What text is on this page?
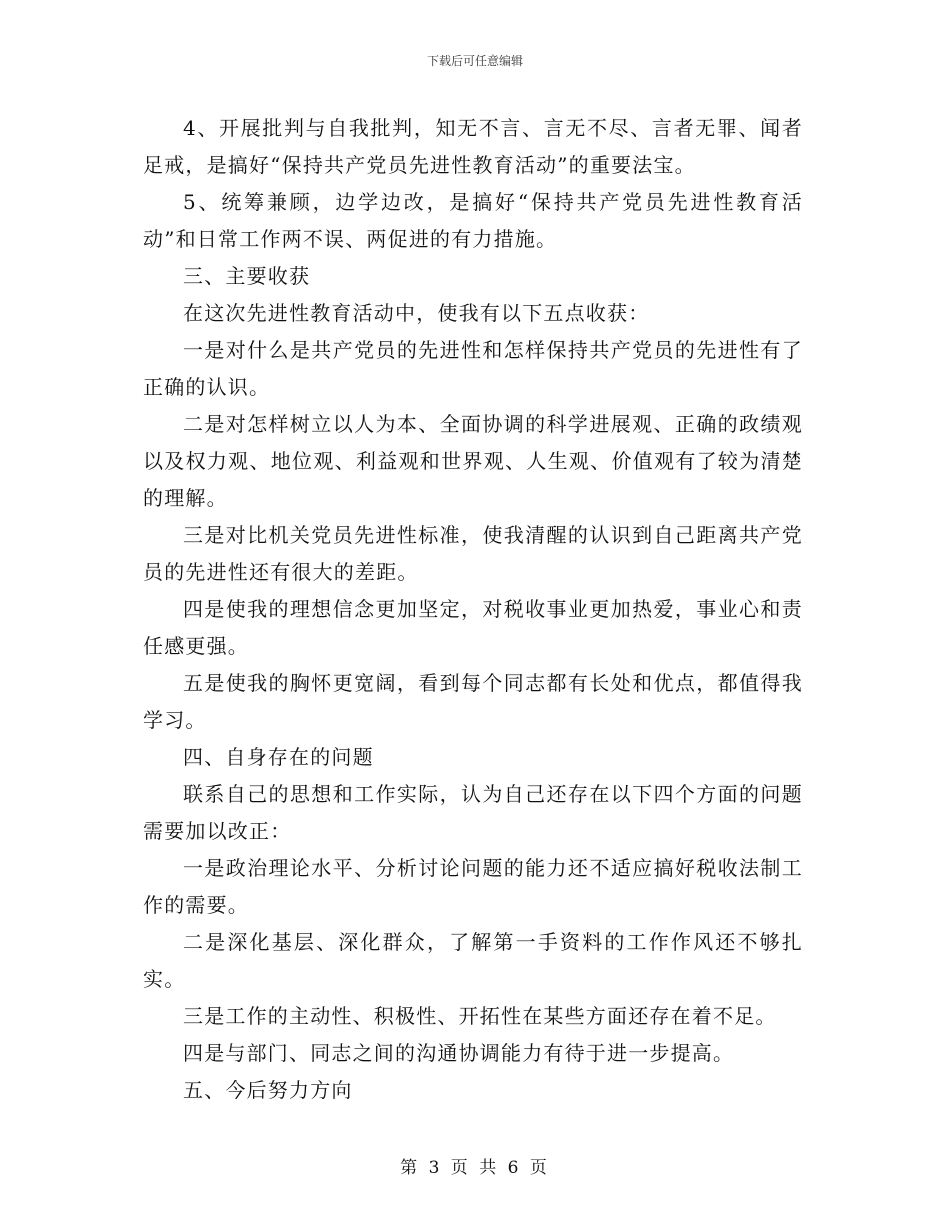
下载后可任意编辑

4、开展批判与自我批判，知无不言、言无不尽、言者无罪、闻者足戒，是搞好“保持共产党员先进性教育活动”的重要法宝。

5、统筹兼顾，边学边改，是搞好“保持共产党员先进性教育活动”和日常工作两不误、两促进的有力措施。

三、主要收获

在这次先进性教育活动中，使我有以下五点收获：

一是对什么是共产党员的先进性和怎样保持共产党员的先进性有了正确的认识。

二是对怎样树立以人为本、全面协调的科学进展观、正确的政绩观以及权力观、地位观、利益观和世界观、人生观、价值观有了较为清楚的理解。

三是对比机关党员先进性标准，使我清醒的认识到自己距离共产党员的先进性还有很大的差距。

四是使我的理想信念更加坚定，对税收事业更加热爱，事业心和责任感更强。

五是使我的胸怀更宽阔，看到每个同志都有长处和优点，都值得我学习。

四、自身存在的问题

联系自己的思想和工作实际，认为自己还存在以下四个方面的问题需要加以改正：

一是政治理论水平、分析讨论问题的能力还不适应搞好税收法制工作的需要。

二是深化基层、深化群众，了解第一手资料的工作作风还不够扎实。

三是工作的主动性、积极性、开拓性在某些方面还存在着不足。

四是与部门、同志之间的沟通协调能力有待于进一步提高。

五、今后努力方向

第 3 页 共 6 页
